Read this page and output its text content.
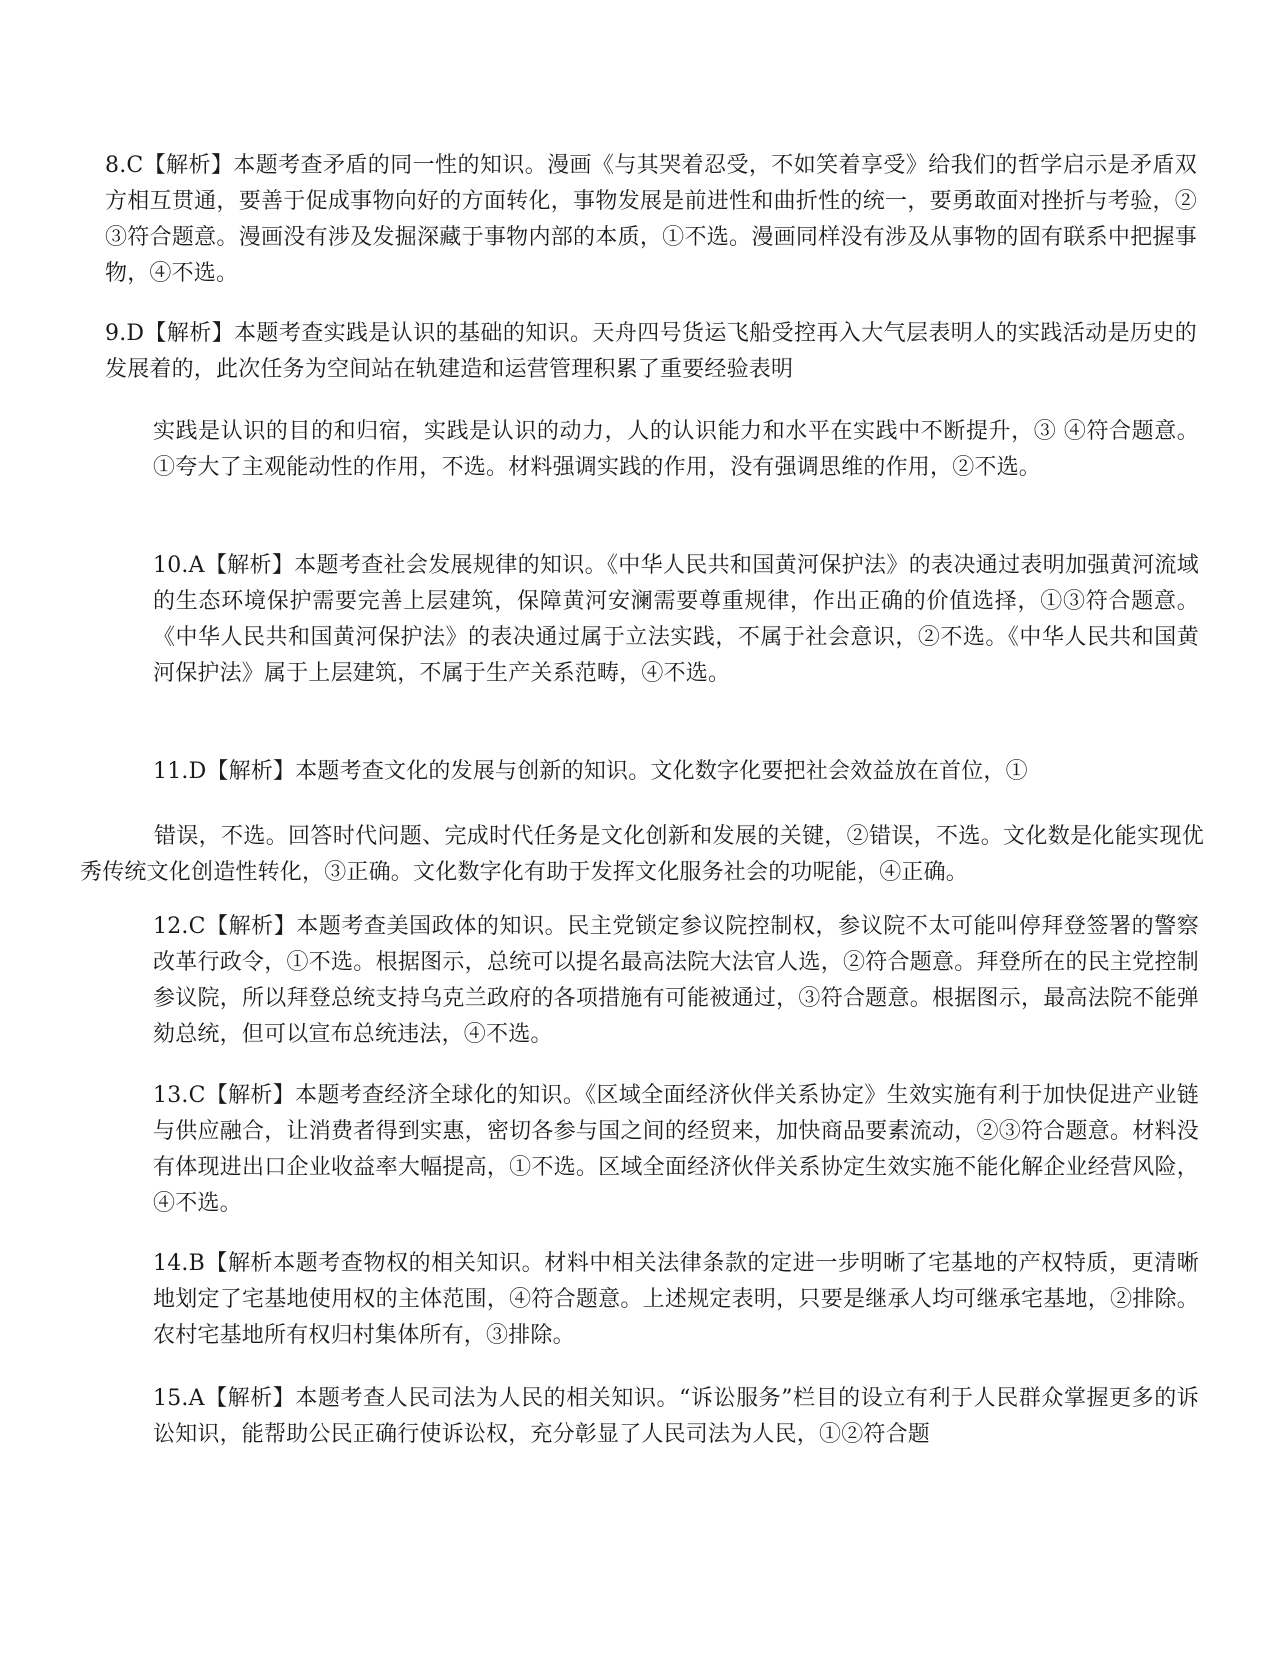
8.C【解析】本题考查矛盾的同一性的知识。漫画《与其哭着忍受，不如笑着享受》给我们的哲学启示是矛盾双方相互贯通，要善于促成事物向好的方面转化，事物发展是前进性和曲折性的统一，要勇敢面对挫折与考验，②③符合题意。漫画没有涉及发掘深藏于事物内部的本质，①不选。漫画同样没有涉及从事物的固有联系中把握事物，④不选。

9.D【解析】本题考查实践是认识的基础的知识。天舟四号货运飞船受控再入大气层表明人的实践活动是历史的发展着的，此次任务为空间站在轨建造和运营管理积累了重要经验表明

实践是认识的目的和归宿，实践是认识的动力，人的认识能力和水平在实践中不断提升，③ ④符合题意。①夸大了主观能动性的作用，不选。材料强调实践的作用，没有强调思维的作用，②不选。

10.A【解析】本题考查社会发展规律的知识。《中华人民共和国黄河保护法》的表决通过表明加强黄河流域的生态环境保护需要完善上层建筑，保障黄河安澜需要尊重规律，作出正确的价值选择，①③符合题意。《中华人民共和国黄河保护法》的表决通过属于立法实践，不属于社会意识，②不选。《中华人民共和国黄河保护法》属于上层建筑，不属于生产关系范畴，④不选。

11.D【解析】本题考查文化的发展与创新的知识。文化数字化要把社会效益放在首位，①

错误，不选。回答时代问题、完成时代任务是文化创新和发展的关键，②错误，不选。文化数是化能实现优秀传统文化创造性转化，③正确。文化数字化有助于发挥文化服务社会的功呢能，④正确。

12.C【解析】本题考查美国政体的知识。民主党锁定参议院控制权，参议院不太可能叫停拜登签署的警察改革行政令，①不选。根据图示，总统可以提名最高法院大法官人选，②符合题意。拜登所在的民主党控制参议院，所以拜登总统支持乌克兰政府的各项措施有可能被通过，③符合题意。根据图示，最高法院不能弹劾总统，但可以宣布总统违法，④不选。

13.C【解析】本题考查经济全球化的知识。《区域全面经济伙伴关系协定》生效实施有利于加快促进产业链与供应融合，让消费者得到实惠，密切各参与国之间的经贸来，加快商品要素流动，②③符合题意。材料没有体现进出口企业收益率大幅提高，①不选。区域全面经济伙伴关系协定生效实施不能化解企业经营风险，④不选。

14.B【解析本题考查物权的相关知识。材料中相关法律条款的定进一步明晰了宅基地的产权特质，更清晰地划定了宅基地使用权的主体范围，④符合题意。上述规定表明，只要是继承人均可继承宅基地，②排除。农村宅基地所有权归村集体所有，③排除。

15.A【解析】本题考查人民司法为人民的相关知识。“诉讼服务”栏目的设立有利于人民群众掌握更多的诉讼知识，能帮助公民正确行使诉讼权，充分彰显了人民司法为人民，①②符合题
